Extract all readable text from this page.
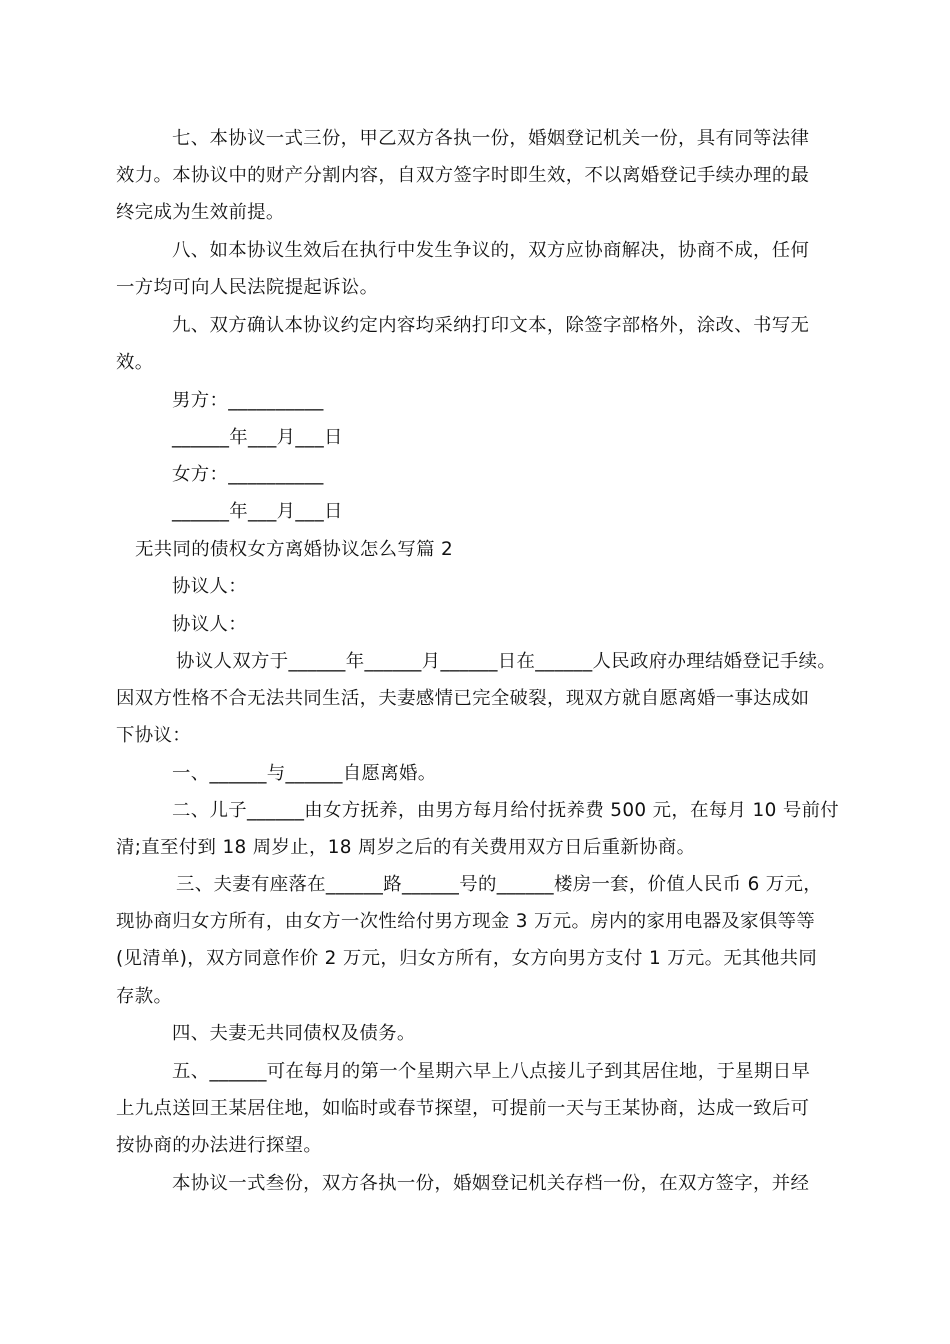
七、本协议一式三份，甲乙双方各执一份，婚姻登记机关一份，具有同等法律
效力。本协议中的财产分割内容，自双方签字时即生效，不以离婚登记手续办理的最
终完成为生效前提。
八、如本协议生效后在执行中发生争议的，双方应协商解决，协商不成，任何
一方均可向人民法院提起诉讼。
九、双方确认本协议约定内容均采纳打印文本，除签字部格外，涂改、书写无
效。
男方：__________
______年___月___日
女方：__________
______年___月___日
无共同的债权女方离婚协议怎么写篇 2
协议人：
协议人：
协议人双方于______年______月______日在______人民政府办理结婚登记手续。
因双方性格不合无法共同生活，夫妻感情已完全破裂，现双方就自愿离婚一事达成如
下协议：
一、______与______自愿离婚。
二、儿子______由女方抚养，由男方每月给付抚养费 500 元，在每月 10 号前付
清;直至付到 18 周岁止，18 周岁之后的有关费用双方日后重新协商。
三、夫妻有座落在______路______号的______楼房一套，价值人民币 6 万元，
现协商归女方所有，由女方一次性给付男方现金 3 万元。房内的家用电器及家俱等等
(见清单)，双方同意作价 2 万元，归女方所有，女方向男方支付 1 万元。无其他共同
存款。
四、夫妻无共同债权及债务。
五、______可在每月的第一个星期六早上八点接儿子到其居住地，于星期日早
上九点送回王某居住地，如临时或春节探望，可提前一天与王某协商，达成一致后可
按协商的办法进行探望。
本协议一式叁份，双方各执一份，婚姻登记机关存档一份，在双方签字，并经
